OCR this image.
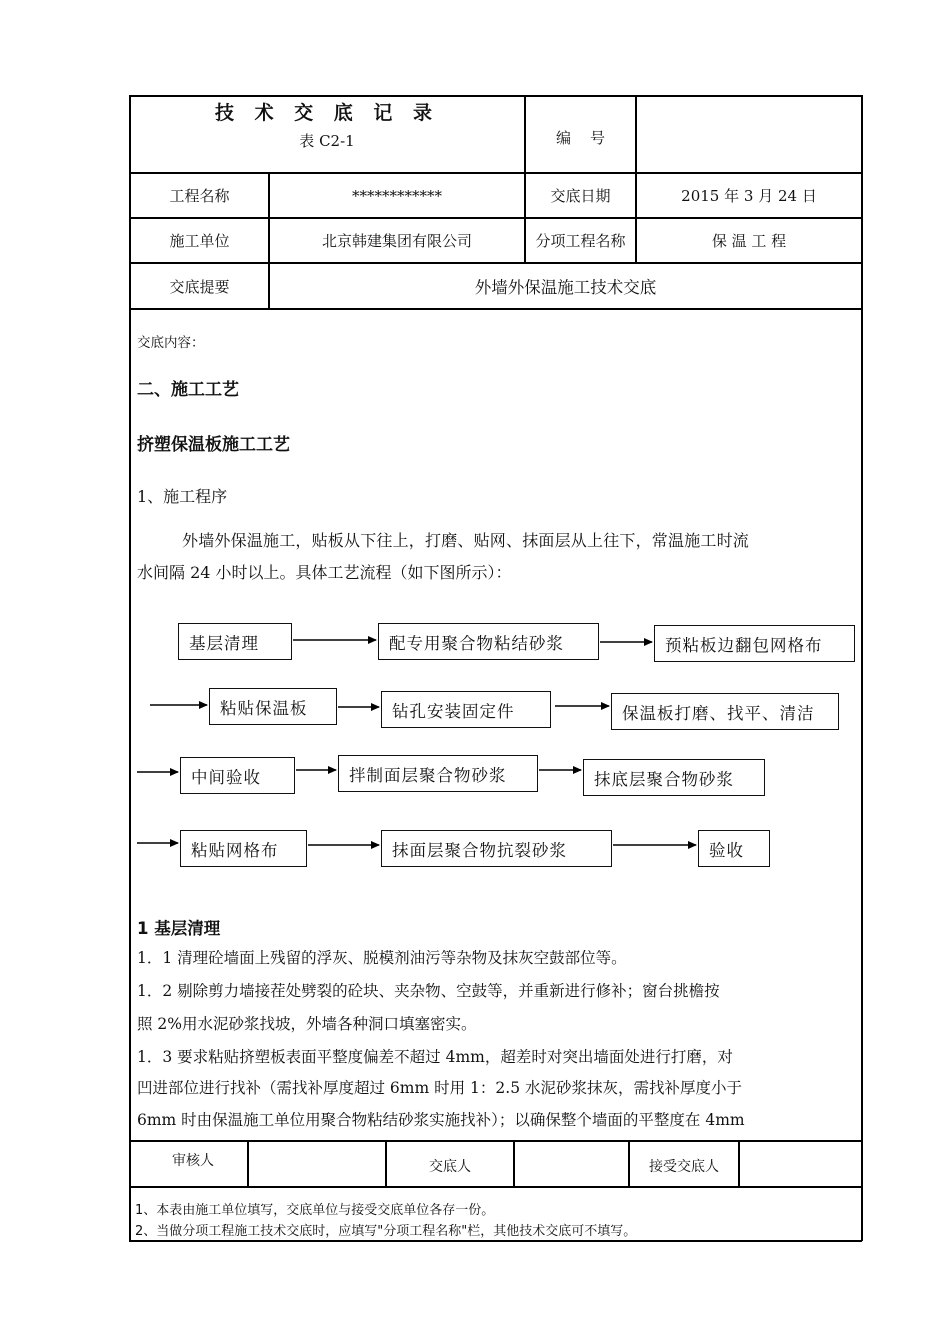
技 术 交 底 记 录
表 C2-1	编    号
工程名称	************	交底日期	2015 年 3 月 24 日
施工单位	北京韩建集团有限公司	分项工程名称	保 温 工 程
交底提要	外墙外保温施工技术交底
交底内容：
二、施工工艺
挤塑保温板施工工艺
1、施工程序
外墙外保温施工，贴板从下往上，打磨、贴网、抹面层从上往下，常温施工时流
水间隔 24 小时以上。具体工艺流程（如下图所示）：
基层清理	配专用聚合物粘结砂浆	预粘板边翻包网格布
粘贴保温板	钻孔安装固定件	保温板打磨、找平、清洁
中间验收	拌制面层聚合物砂浆	抹底层聚合物砂浆
粘贴网格布	抹面层聚合物抗裂砂浆	验收
1 基层清理
1．1 清理砼墙面上残留的浮灰、脱模剂油污等杂物及抹灰空鼓部位等。
1．2 剔除剪力墙接茬处劈裂的砼块、夹杂物、空鼓等，并重新进行修补；窗台挑檐按
照 2%用水泥砂浆找坡，外墙各种洞口填塞密实。
1．3 要求粘贴挤塑板表面平整度偏差不超过 4mm，超差时对突出墙面处进行打磨，对
凹进部位进行找补（需找补厚度超过 6mm 时用 1：2.5 水泥砂浆抹灰，需找补厚度小于
6mm 时由保温施工单位用聚合物粘结砂浆实施找补）；以确保整个墙面的平整度在 4mm
审核人	交底人	接受交底人
1、本表由施工单位填写，交底单位与接受交底单位各存一份。
2、当做分项工程施工技术交底时，应填写"分项工程名称"栏，其他技术交底可不填写。
